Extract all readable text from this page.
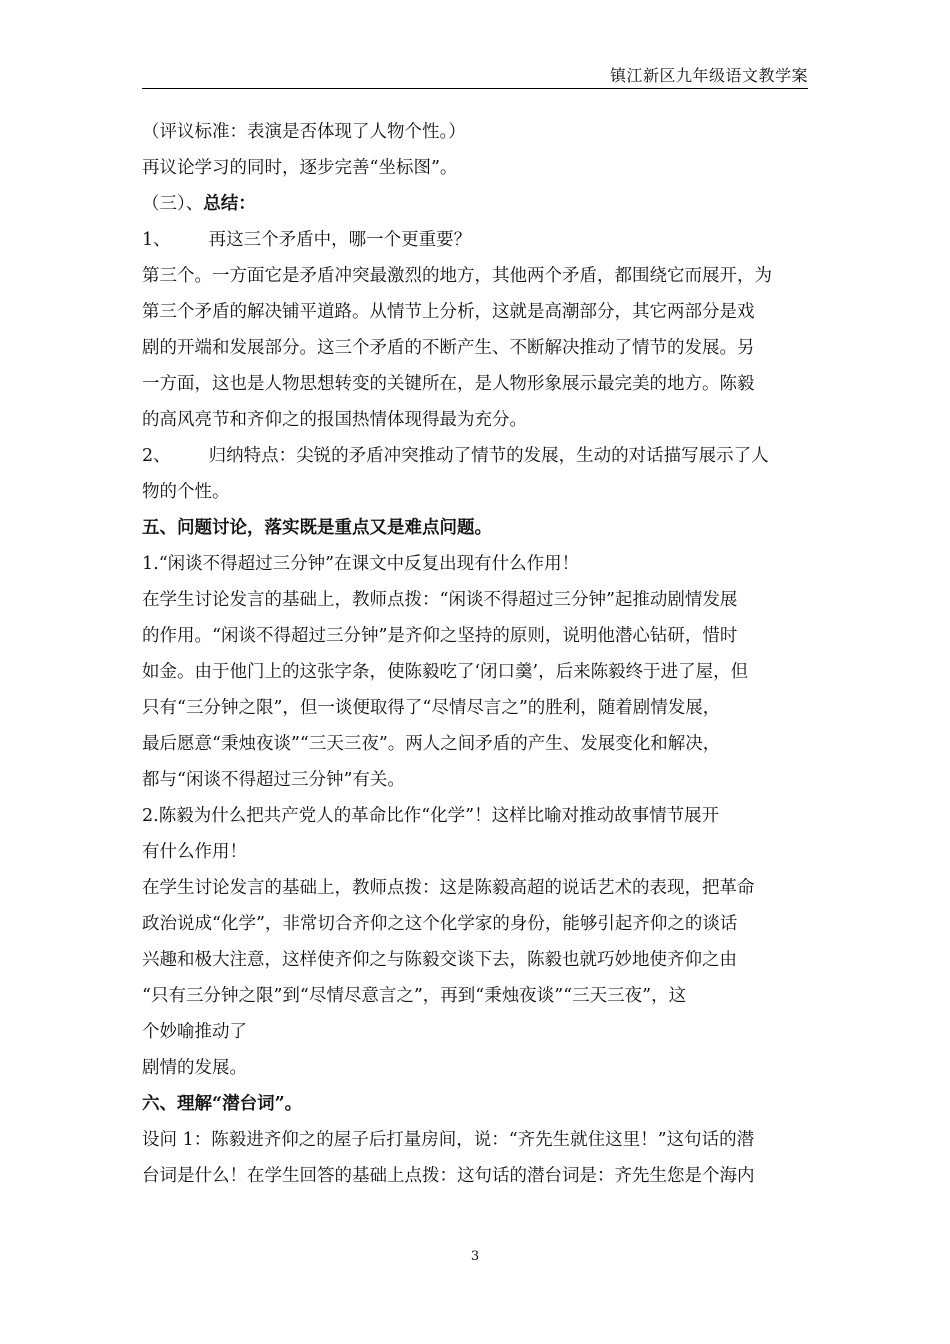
镇江新区九年级语文教学案
（评议标准：表演是否体现了人物个性。）
再议论学习的同时，逐步完善“坐标图”。
（三）、总结：
1、 再这三个矛盾中，哪一个更重要？
第三个。一方面它是矛盾冲突最激烈的地方，其他两个矛盾，都围绕它而展开，为
第三个矛盾的解决铺平道路。从情节上分析，这就是高潮部分，其它两部分是戏
剧的开端和发展部分。这三个矛盾的不断产生、不断解决推动了情节的发展。另
一方面，这也是人物思想转变的关键所在，是人物形象展示最完美的地方。陈毅
的高风亮节和齐仰之的报国热情体现得最为充分。
2、 归纳特点：尖锐的矛盾冲突推动了情节的发展，生动的对话描写展示了人
物的个性。
五、问题讨论，落实既是重点又是难点问题。
1.“闲谈不得超过三分钟”在课文中反复出现有什么作用！
在学生讨论发言的基础上，教师点拨：“闲谈不得超过三分钟”起推动剧情发展
的作用。“闲谈不得超过三分钟”是齐仰之坚持的原则，说明他潜心钻研，惜时
如金。由于他门上的这张字条，使陈毅吃了‘闭口羹’，后来陈毅终于进了屋，但
只有“三分钟之限”，但一谈便取得了“尽情尽言之”的胜利，随着剧情发展，
最后愿意“秉烛夜谈”“三天三夜”。两人之间矛盾的产生、发展变化和解决，
都与“闲谈不得超过三分钟”有关。
2.陈毅为什么把共产党人的革命比作“化学”！这样比喻对推动故事情节展开
有什么作用！
在学生讨论发言的基础上，教师点拨：这是陈毅高超的说话艺术的表现，把革命
政治说成“化学”，非常切合齐仰之这个化学家的身份，能够引起齐仰之的谈话
兴趣和极大注意，这样使齐仰之与陈毅交谈下去，陈毅也就巧妙地使齐仰之由
“只有三分钟之限”到“尽情尽意言之”，再到“秉烛夜谈”“三天三夜”，这
个妙喻推动了
剧情的发展。
六、理解“潜台词”。
设问 1：陈毅进齐仰之的屋子后打量房间，说：“齐先生就住这里！”这句话的潜
台词是什么！在学生回答的基础上点拨：这句话的潜台词是：齐先生您是个海内
3
